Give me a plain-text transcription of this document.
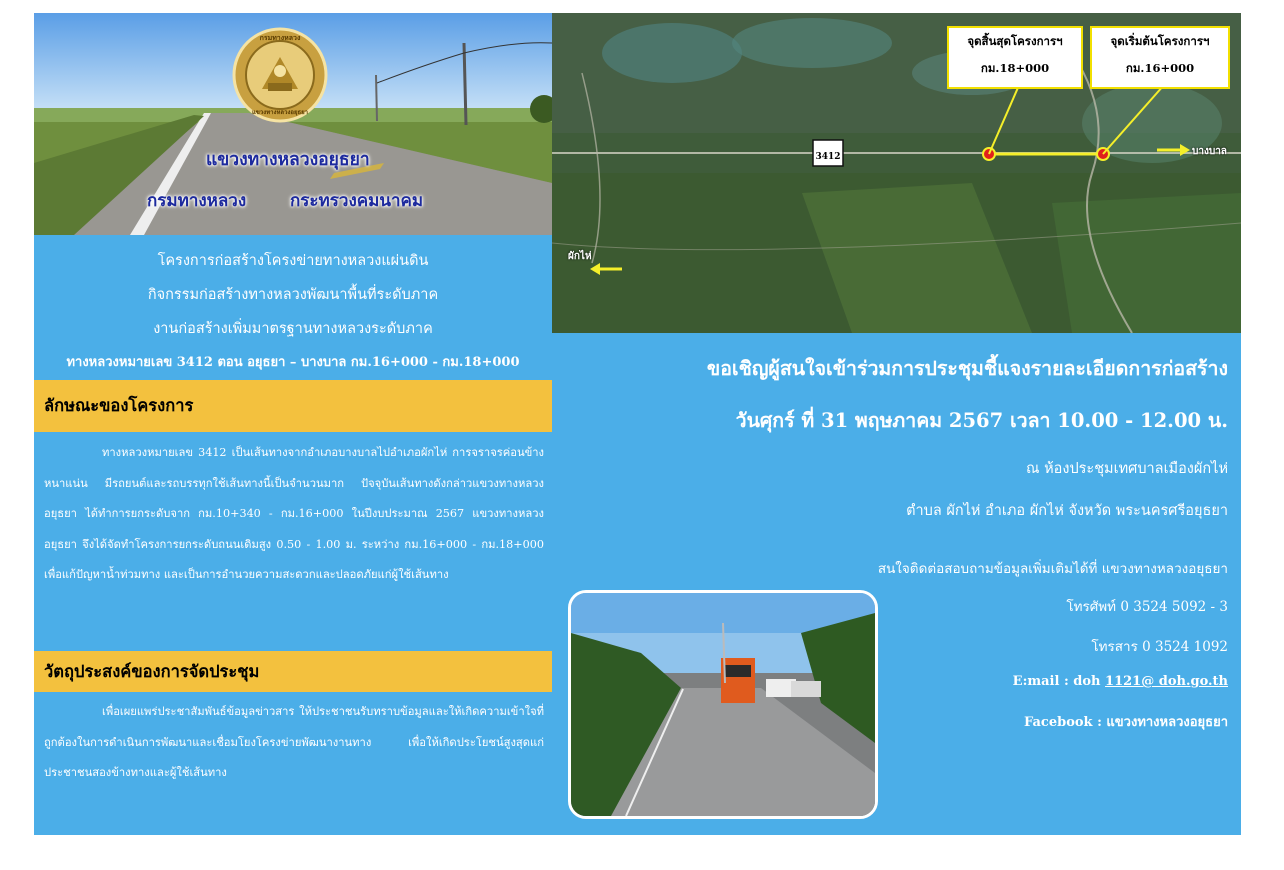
กรมทางหลวง
แขวงทางหลวงอยุธยา
แขวงทางหลวงอยุธยา
กรมทางหลวง	กระทรวงคมนาคม
โครงการก่อสร้างโครงข่ายทางหลวงแผ่นดิน
กิจกรรมก่อสร้างทางหลวงพัฒนาพื้นที่ระดับภาค
งานก่อสร้างเพิ่มมาตรฐานทางหลวงระดับภาค
ทางหลวงหมายเลข 3412 ตอน อยุธยา – บางบาล กม.16+000 - กม.18+000
ลักษณะของโครงการ

ทางหลวงหมายเลข 3412 เป็นเส้นทางจากอำเภอบางบาลไปอำเภอผักไห่ การจราจรค่อนข้างหนาแน่น มีรถยนต์และรถบรรทุกใช้เส้นทางนี้เป็นจำนวนมาก ปัจจุบันเส้นทางดังกล่าวแขวงทางหลวงอยุธยา ได้ทำการยกระดับจาก กม.10+340 - กม.16+000 ในปีงบประมาณ 2567 แขวงทางหลวงอยุธยา จึงได้จัดทำโครงการยกระดับถนนเดิมสูง 0.50 - 1.00 ม. ระหว่าง กม.16+000 - กม.18+000 เพื่อแก้ปัญหาน้ำท่วมทาง และเป็นการอำนวยความสะดวกและปลอดภัยแก่ผู้ใช้เส้นทาง

วัตถุประสงค์ของการจัดประชุม

เพื่อเผยแพร่ประชาสัมพันธ์ข้อมูลข่าวสาร ให้ประชาชนรับทราบข้อมูลและให้เกิดความเข้าใจที่ถูกต้องในการดำเนินการพัฒนาและเชื่อมโยงโครงข่ายพัฒนางานทาง เพื่อให้เกิดประโยชน์สูงสุดแก่ประชาชนสองข้างทางและผู้ใช้เส้นทาง

3412
จุดสิ้นสุดโครงการฯ
กม.18+000
จุดเริ่มต้นโครงการฯ
กม.16+000
บางบาล
ผักไห่
ขอเชิญผู้สนใจเข้าร่วมการประชุมชี้แจงรายละเอียดการก่อสร้าง
วันศุกร์ ที่ 31 พฤษภาคม 2567 เวลา 10.00 - 12.00 น.
ณ ห้องประชุมเทศบาลเมืองผักไห่
ตำบล ผักไห่ อำเภอ ผักไห่ จังหวัด พระนครศรีอยุธยา
สนใจติดต่อสอบถามข้อมูลเพิ่มเติมได้ที่ แขวงทางหลวงอยุธยา
โทรศัพท์ 0 3524 5092 - 3
โทรสาร 0 3524 1092
E:mail : doh 1121@ doh.go.th
Facebook : แขวงทางหลวงอยุธยา
